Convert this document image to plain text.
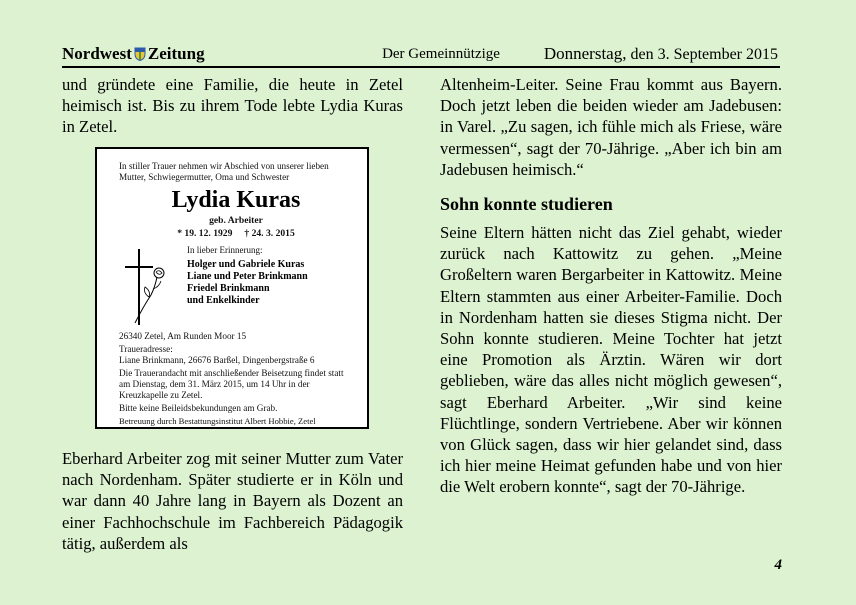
Nordwest Zeitung	Der Gemeinnützige	Donnerstag, den 3. September 2015

und gründete eine Familie, die heute in Zetel heimisch ist. Bis zu ihrem Tode lebte Lydia Kuras in Zetel.

In stiller Trauer nehmen wir Abschied von unserer lieben Mutter, Schwiegermutter, Oma und Schwester

Lydia Kuras
geb. Arbeiter
* 19. 12. 1929 † 24. 3. 2015
In lieber Erinnerung:
Holger und Gabriele Kuras
Liane und Peter Brinkmann
Friedel Brinkmann
und Enkelkinder
26340 Zetel, Am Runden Moor 15
Traueradresse:
Liane Brinkmann, 26676 Barßel, Dingenbergstraße 6
Die Trauerandacht mit anschließender Beisetzung findet statt am Dienstag, dem 31. März 2015, um 14 Uhr in der Kreuzkapelle zu Zetel.
Bitte keine Beileidsbekundungen am Grab.
Betreuung durch Bestattungsinstitut Albert Hobbie, Zetel

Eberhard Arbeiter zog mit seiner Mutter zum Vater nach Nordenham. Später studierte er in Köln und war dann 40 Jahre lang in Bayern als Dozent an einer Fachhochschule im Fachbereich Pädagogik tätig, außerdem als

Altenheim-Leiter. Seine Frau kommt aus Bayern. Doch jetzt leben die beiden wieder am Jadebusen: in Varel. „Zu sagen, ich fühle mich als Friese, wäre vermessen“, sagt der 70-Jährige. „Aber ich bin am Jadebusen heimisch.“

Sohn konnte studieren

Seine Eltern hätten nicht das Ziel gehabt, wieder zurück nach Kattowitz zu gehen. „Meine Großeltern waren Bergarbeiter in Kattowitz. Meine Eltern stammten aus einer Arbeiter-Familie. Doch in Nordenham hatten sie dieses Stigma nicht. Der Sohn konnte studieren. Meine Tochter hat jetzt eine Promotion als Ärztin. Wären wir dort geblieben, wäre das alles nicht möglich gewesen“, sagt Eberhard Arbeiter. „Wir sind keine Flüchtlinge, sondern Vertriebene. Aber wir können von Glück sagen, dass wir hier gelandet sind, dass ich hier meine Heimat gefunden habe und von hier die Welt erobern konnte“, sagt der 70-Jährige.

4
